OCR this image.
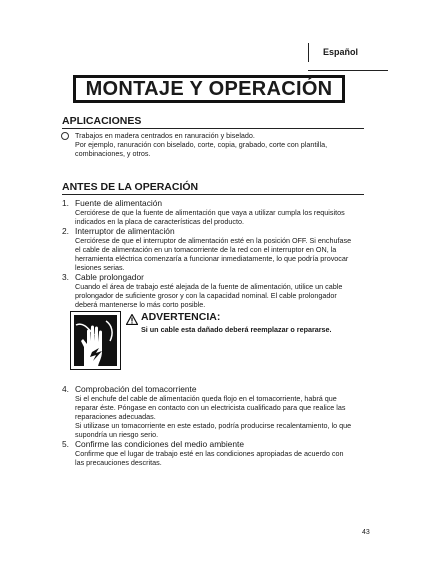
Español
MONTAJE Y OPERACIÓN
APLICACIONES
Trabajos en madera centrados en ranuración y biselado.
Por ejemplo, ranuración con biselado, corte, copia, grabado, corte con plantilla,
combinaciones, y otros.
ANTES DE LA OPERACIÓN
1. Fuente de alimentación
Cerciórese de que la fuente de alimentación que vaya a utilizar cumpla los requisitos
indicados en la placa de características del producto.
2. Interruptor de alimentación
Cerciórese de que el interruptor de alimentación esté en la posición OFF. Si enchufase
el cable de alimentación en un tomacorriente de la red con el interruptor en ON, la
herramienta eléctrica comenzaría a funcionar inmediatamente, lo que podría provocar
lesiones serias.
3. Cable prolongador
Cuando el área de trabajo esté alejada de la fuente de alimentación, utilice un cable
prolongador de suficiente grosor y con la capacidad nominal. El cable prolongador
deberá mantenerse lo más corto posible.
ADVERTENCIA:
Si un cable esta dañado deberá reemplazar o repararse.
4. Comprobación del tomacorriente
Si el enchufe del cable de alimentación queda flojo en el tomacorriente, habrá que
reparar éste. Póngase en contacto con un electricista cualificado para que realice las
reparaciones adecuadas.
Si utilizase un tomacorriente en este estado, podría producirse recalentamiento, lo que
supondría un riesgo serio.
5. Confirme las condiciones del medio ambiente
Confirme que el lugar de trabajo esté en las condiciones apropiadas de acuerdo con
las precauciones descritas.
43
